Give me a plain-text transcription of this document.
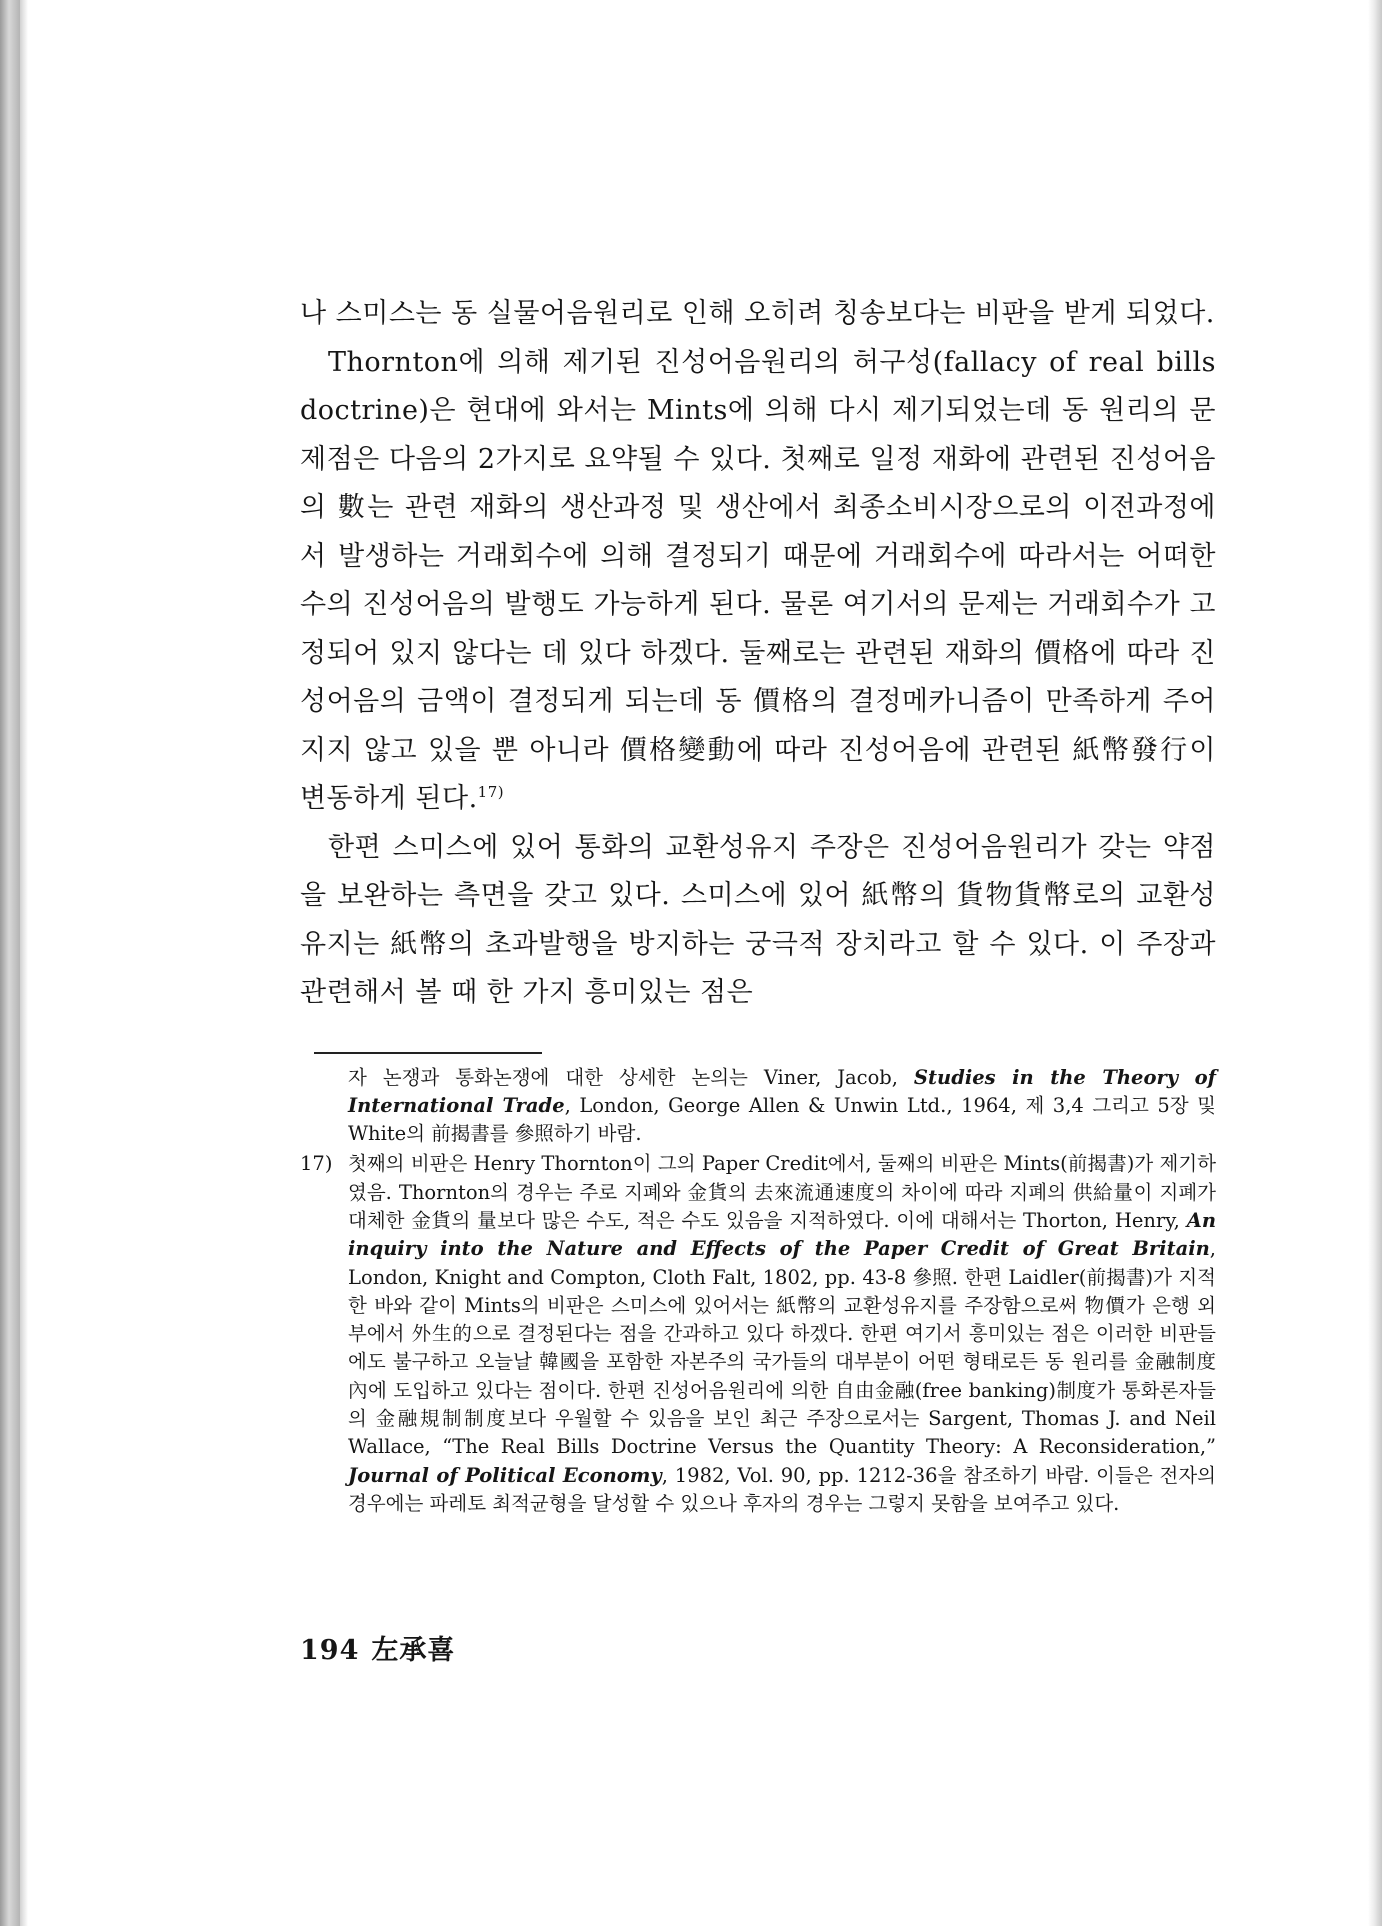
나 스미스는 동 실물어음원리로 인해 오히려 칭송보다는 비판을 받게 되었다.

Thornton에 의해 제기된 진성어음원리의 허구성(fallacy of real bills doctrine)은 현대에 와서는 Mints에 의해 다시 제기되었는데 동 원리의 문제점은 다음의 2가지로 요약될 수 있다. 첫째로 일정 재화에 관련된 진성어음의 數는 관련 재화의 생산과정 및 생산에서 최종소비시장으로의 이전과정에서 발생하는 거래회수에 의해 결정되기 때문에 거래회수에 따라서는 어떠한 수의 진성어음의 발행도 가능하게 된다. 물론 여기서의 문제는 거래회수가 고정되어 있지 않다는 데 있다 하겠다. 둘째로는 관련된 재화의 價格에 따라 진성어음의 금액이 결정되게 되는데 동 價格의 결정메카니즘이 만족하게 주어지지 않고 있을 뿐 아니라 價格變動에 따라 진성어음에 관련된 紙幣發行이 변동하게 된다.$^{17)}$

한편 스미스에 있어 통화의 교환성유지 주장은 진성어음원리가 갖는 약점을 보완하는 측면을 갖고 있다. 스미스에 있어 紙幣의 貨物貨幣로의 교환성유지는 紙幣의 초과발행을 방지하는 궁극적 장치라고 할 수 있다. 이 주장과 관련해서 볼 때 한 가지 흥미있는 점은

자 논쟁과 통화논쟁에 대한 상세한 논의는 Viner, Jacob, Studies in the Theory of International Trade, London, George Allen & Unwin Ltd., 1964, 제 3,4 그리고 5장 및 White의 前揭書를 參照하기 바람.

17) 첫째의 비판은 Henry Thornton이 그의 Paper Credit에서, 둘째의 비판은 Mints(前揭書)가 제기하였음. Thornton의 경우는 주로 지폐와 金貨의 去來流通速度의 차이에 따라 지폐의 供給量이 지폐가 대체한 金貨의 量보다 많은 수도, 적은 수도 있음을 지적하였다. 이에 대해서는 Thorton, Henry, An inquiry into the Nature and Effects of the Paper Credit of Great Britain, London, Knight and Compton, Cloth Falt, 1802, pp. 43-8 參照. 한편 Laidler(前揭書)가 지적한 바와 같이 Mints의 비판은 스미스에 있어서는 紙幣의 교환성유지를 주장함으로써 物價가 은행 외부에서 外生的으로 결정된다는 점을 간과하고 있다 하겠다. 한편 여기서 흥미있는 점은 이러한 비판들에도 불구하고 오늘날 韓國을 포함한 자본주의 국가들의 대부분이 어떤 형태로든 동 원리를 金融制度內에 도입하고 있다는 점이다. 한편 진성어음원리에 의한 自由金融(free banking)制度가 통화론자들의 金融規制制度보다 우월할 수 있음을 보인 최근 주장으로서는 Sargent, Thomas J. and Neil Wallace, “The Real Bills Doctrine Versus the Quantity Theory: A Reconsideration,” Journal of Political Economy, 1982, Vol. 90, pp. 1212-36을 참조하기 바람. 이들은 전자의 경우에는 파레토 최적균형을 달성할 수 있으나 후자의 경우는 그렇지 못함을 보여주고 있다.

194 左承喜
